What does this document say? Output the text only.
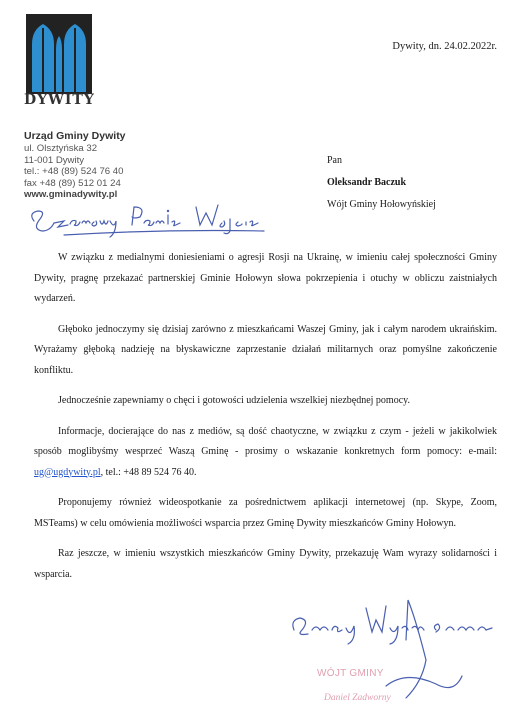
DYWITY
Urząd Gminy Dywity
ul. Olsztyńska 32
11-001 Dywity
tel.: +48 (89) 524 76 40
fax +48 (89) 512 01 24
www.gminadywity.pl
Dywity, dn. 24.02.2022r.
Pan
Oleksandr Baczuk
Wójt Gminy Hołowyńskiej

W związku z medialnymi doniesieniami o agresji Rosji na Ukrainę, w imieniu całej społeczności Gminy Dywity, pragnę przekazać partnerskiej Gminie Hołowyn słowa pokrzepienia i otuchy w obliczu zaistniałych wydarzeń.

Głęboko jednoczymy się dzisiaj zarówno z mieszkańcami Waszej Gminy, jak i całym narodem ukraińskim. Wyrażamy głęboką nadzieję na błyskawiczne zaprzestanie działań militarnych oraz pomyślne zakończenie konfliktu.

Jednocześnie zapewniamy o chęci i gotowości udzielenia wszelkiej niezbędnej pomocy.

Informacje, docierające do nas z mediów, są dość chaotyczne, w związku z czym - jeżeli w jakikolwiek sposób moglibyśmy wesprzeć Waszą Gminę - prosimy o wskazanie konkretnych form pomocy: e-mail: ug@ugdywity.pl, tel.: +48 89 524 76 40.

Proponujemy również wideospotkanie za pośrednictwem aplikacji internetowej (np. Skype, Zoom, MSTeams) w celu omówienia możliwości wsparcia przez Gminę Dywity mieszkańców Gminy Hołowyn.

Raz jeszcze, w imieniu wszystkich mieszkańców Gminy Dywity, przekazuję Wam wyrazy solidarności i wsparcia.

WÓJT GMINY
Daniel Zadworny
